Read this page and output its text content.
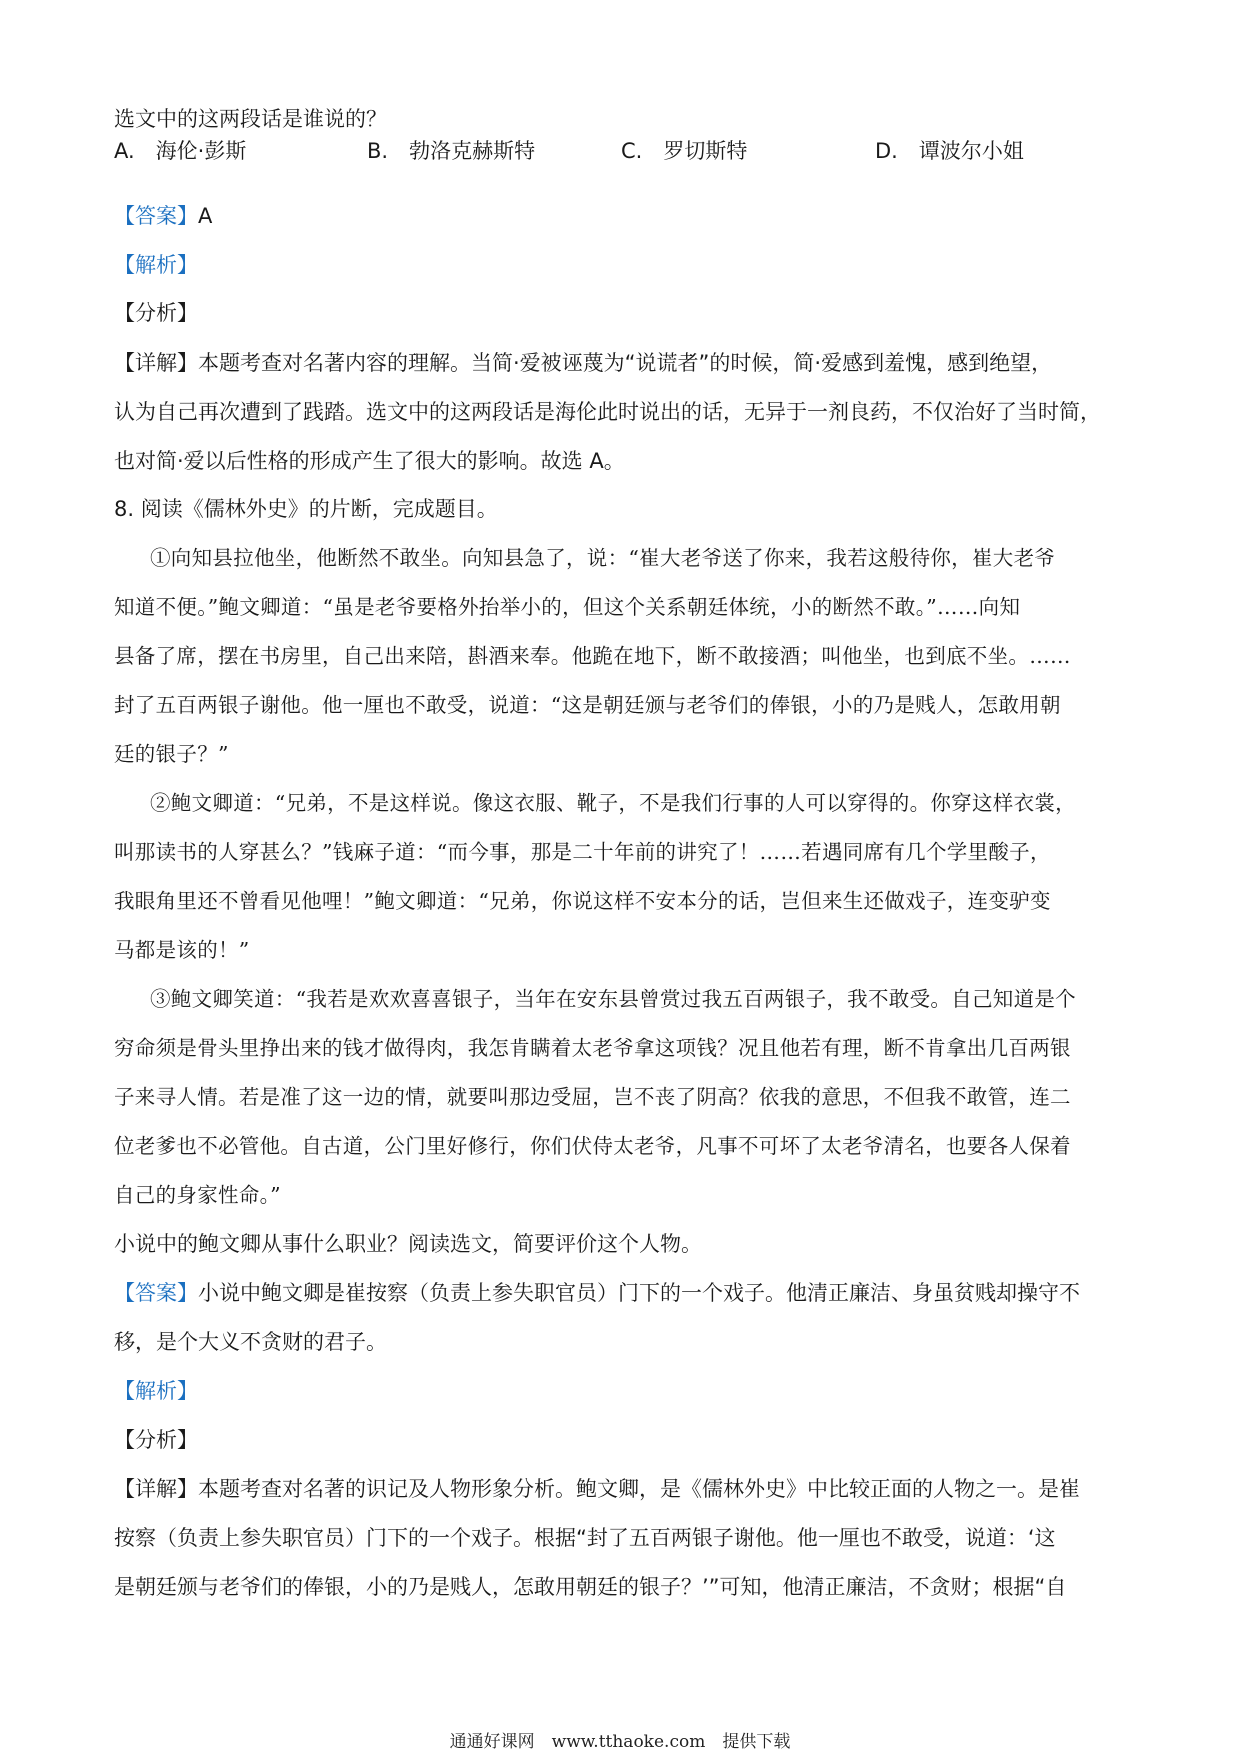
选文中的这两段话是谁说的？
A.　海伦·彭斯	B.　勃洛克赫斯特	C.　罗切斯特	D.　谭波尔小姐
【答案】A
【解析】
【分析】
【详解】本题考查对名著内容的理解。当简·爱被诬蔑为“说谎者”的时候，简·爱感到羞愧，感到绝望，
认为自己再次遭到了践踏。选文中的这两段话是海伦此时说出的话，无异于一剂良药，不仅治好了当时简，
也对简·爱以后性格的形成产生了很大的影响。故选 A。
8. 阅读《儒林外史》的片断，完成题目。
①向知县拉他坐，他断然不敢坐。向知县急了，说：“崔大老爷送了你来，我若这般待你，崔大老爷
知道不便。”鲍文卿道：“虽是老爷要格外抬举小的，但这个关系朝廷体统，小的断然不敢。”……向知
县备了席，摆在书房里，自己出来陪，斟酒来奉。他跪在地下，断不敢接酒；叫他坐，也到底不坐。……
封了五百两银子谢他。他一厘也不敢受，说道：“这是朝廷颁与老爷们的俸银，小的乃是贱人，怎敢用朝
廷的银子？”
②鲍文卿道：“兄弟，不是这样说。像这衣服、靴子，不是我们行事的人可以穿得的。你穿这样衣裳，
叫那读书的人穿甚么？”钱麻子道：“而今事，那是二十年前的讲究了！……若遇同席有几个学里酸子，
我眼角里还不曾看见他哩！”鲍文卿道：“兄弟，你说这样不安本分的话，岂但来生还做戏子，连变驴变
马都是该的！”
③鲍文卿笑道：“我若是欢欢喜喜银子，当年在安东县曾赏过我五百两银子，我不敢受。自己知道是个
穷命须是骨头里挣出来的钱才做得肉，我怎肯瞒着太老爷拿这项钱？况且他若有理，断不肯拿出几百两银
子来寻人情。若是准了这一边的情，就要叫那边受屈，岂不丧了阴高？依我的意思，不但我不敢管，连二
位老爹也不必管他。自古道，公门里好修行，你们伏侍太老爷，凡事不可坏了太老爷清名，也要各人保着
自己的身家性命。”
小说中的鲍文卿从事什么职业？阅读选文，简要评价这个人物。
【答案】小说中鲍文卿是崔按察（负责上参失职官员）门下的一个戏子。他清正廉洁、身虽贫贱却操守不
移，是个大义不贪财的君子。
【解析】
【分析】
【详解】本题考查对名著的识记及人物形象分析。鲍文卿，是《儒林外史》中比较正面的人物之一。是崔
按察（负责上参失职官员）门下的一个戏子。根据“封了五百两银子谢他。他一厘也不敢受，说道：‘这
是朝廷颁与老爷们的俸银，小的乃是贱人，怎敢用朝廷的银子？’”可知，他清正廉洁，不贪财；根据“自
通通好课网　www.tthaoke.com　提供下载
